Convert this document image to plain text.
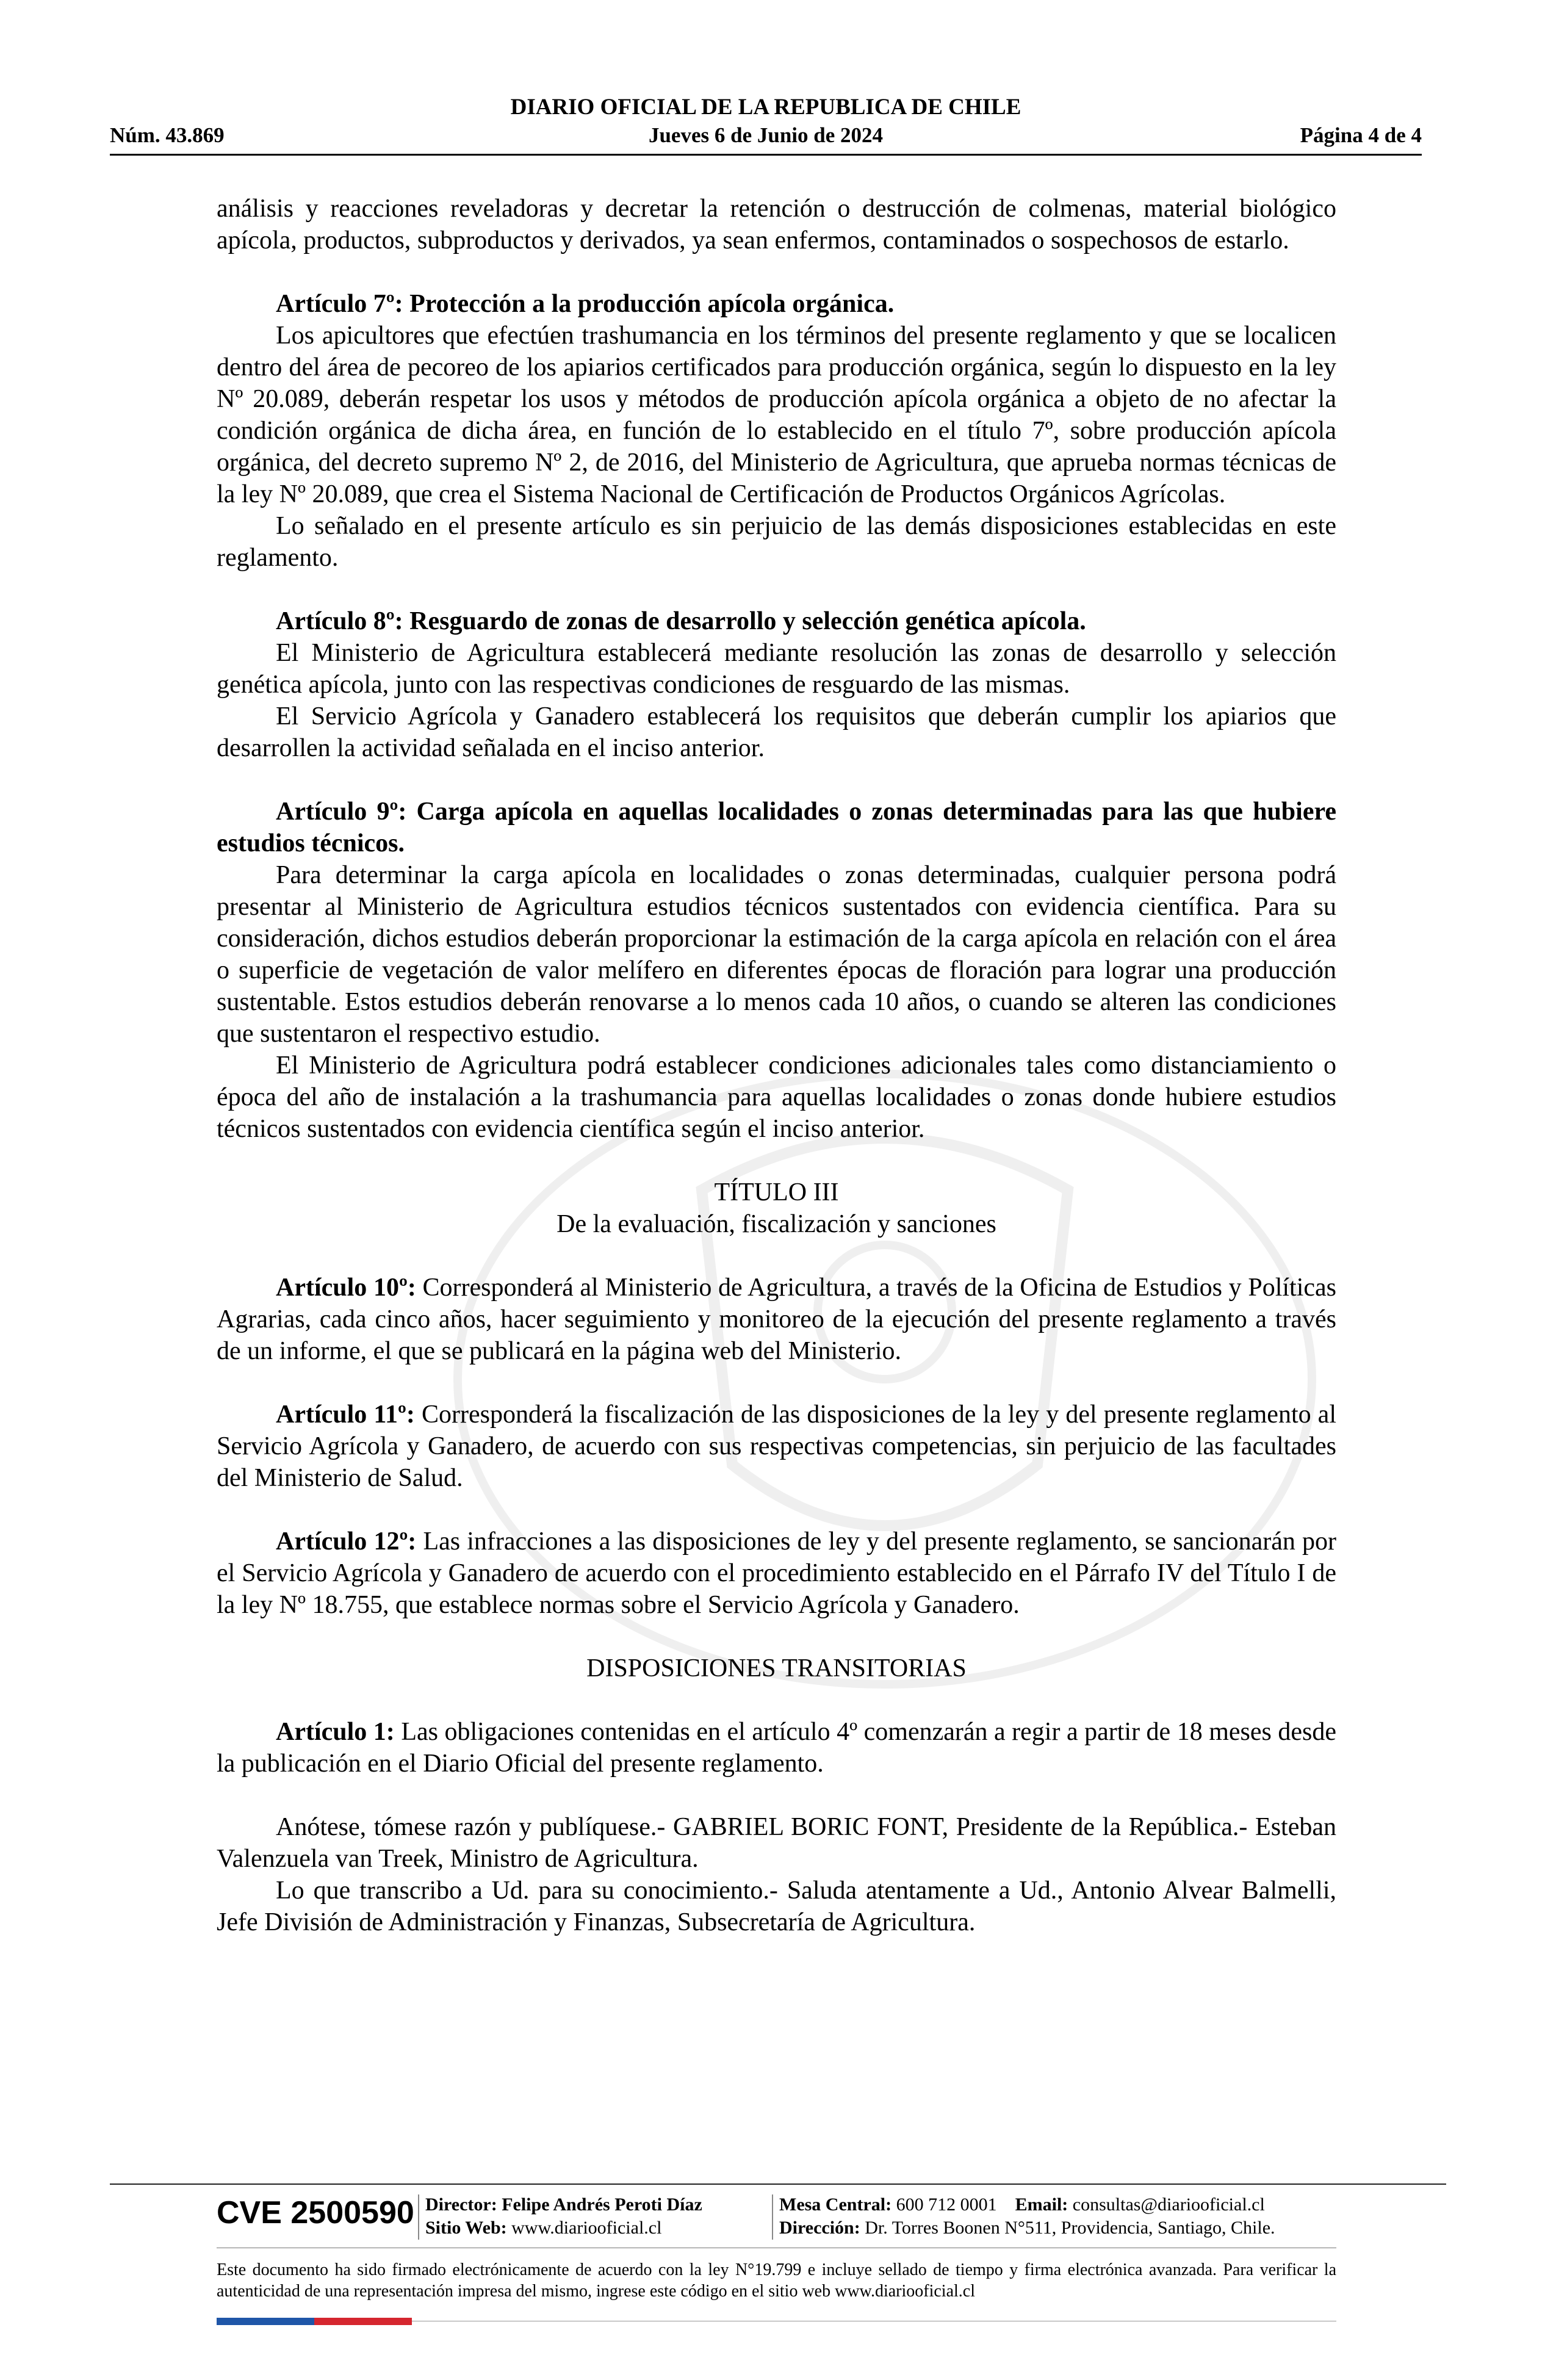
DIARIO OFICIAL DE LA REPUBLICA DE CHILE
Núm. 43.869	Jueves 6 de Junio de 2024	Página 4 de 4

análisis y reacciones reveladoras y decretar la retención o destrucción de colmenas, material biológico apícola, productos, subproductos y derivados, ya sean enfermos, contaminados o sospechosos de estarlo.

Artículo 7º: Protección a la producción apícola orgánica.

Los apicultores que efectúen trashumancia en los términos del presente reglamento y que se localicen dentro del área de pecoreo de los apiarios certificados para producción orgánica, según lo dispuesto en la ley Nº 20.089, deberán respetar los usos y métodos de producción apícola orgánica a objeto de no afectar la condición orgánica de dicha área, en función de lo establecido en el título 7º, sobre producción apícola orgánica, del decreto supremo Nº 2, de 2016, del Ministerio de Agricultura, que aprueba normas técnicas de la ley Nº 20.089, que crea el Sistema Nacional de Certificación de Productos Orgánicos Agrícolas.

Lo señalado en el presente artículo es sin perjuicio de las demás disposiciones establecidas en este reglamento.

Artículo 8º: Resguardo de zonas de desarrollo y selección genética apícola.

El Ministerio de Agricultura establecerá mediante resolución las zonas de desarrollo y selección genética apícola, junto con las respectivas condiciones de resguardo de las mismas.

El Servicio Agrícola y Ganadero establecerá los requisitos que deberán cumplir los apiarios que desarrollen la actividad señalada en el inciso anterior.

Artículo 9º: Carga apícola en aquellas localidades o zonas determinadas para las que hubiere estudios técnicos.

Para determinar la carga apícola en localidades o zonas determinadas, cualquier persona podrá presentar al Ministerio de Agricultura estudios técnicos sustentados con evidencia científica. Para su consideración, dichos estudios deberán proporcionar la estimación de la carga apícola en relación con el área o superficie de vegetación de valor melífero en diferentes épocas de floración para lograr una producción sustentable. Estos estudios deberán renovarse a lo menos cada 10 años, o cuando se alteren las condiciones que sustentaron el respectivo estudio.

El Ministerio de Agricultura podrá establecer condiciones adicionales tales como distanciamiento o época del año de instalación a la trashumancia para aquellas localidades o zonas donde hubiere estudios técnicos sustentados con evidencia científica según el inciso anterior.

TÍTULO III

De la evaluación, fiscalización y sanciones

Artículo 10º: Corresponderá al Ministerio de Agricultura, a través de la Oficina de Estudios y Políticas Agrarias, cada cinco años, hacer seguimiento y monitoreo de la ejecución del presente reglamento a través de un informe, el que se publicará en la página web del Ministerio.

Artículo 11º: Corresponderá la fiscalización de las disposiciones de la ley y del presente reglamento al Servicio Agrícola y Ganadero, de acuerdo con sus respectivas competencias, sin perjuicio de las facultades del Ministerio de Salud.

Artículo 12º: Las infracciones a las disposiciones de ley y del presente reglamento, se sancionarán por el Servicio Agrícola y Ganadero de acuerdo con el procedimiento establecido en el Párrafo IV del Título I de la ley Nº 18.755, que establece normas sobre el Servicio Agrícola y Ganadero.

DISPOSICIONES TRANSITORIAS

Artículo 1: Las obligaciones contenidas en el artículo 4º comenzarán a regir a partir de 18 meses desde la publicación en el Diario Oficial del presente reglamento.

Anótese, tómese razón y publíquese.- GABRIEL BORIC FONT, Presidente de la República.- Esteban Valenzuela van Treek, Ministro de Agricultura.

Lo que transcribo a Ud. para su conocimiento.- Saluda atentamente a Ud., Antonio Alvear Balmelli, Jefe División de Administración y Finanzas, Subsecretaría de Agricultura.

CVE 2500590 Director: Felipe Andrés Peroti Díaz
Sitio Web: www.diariooficial.cl
Mesa Central: 600 712 0001 Email: consultas@diariooficial.cl
Dirección: Dr. Torres Boonen N°511, Providencia, Santiago, Chile.
Este documento ha sido firmado electrónicamente de acuerdo con la ley N°19.799 e incluye sellado de tiempo y firma electrónica avanzada. Para verificar la autenticidad de una representación impresa del mismo, ingrese este código en el sitio web www.diariooficial.cl
